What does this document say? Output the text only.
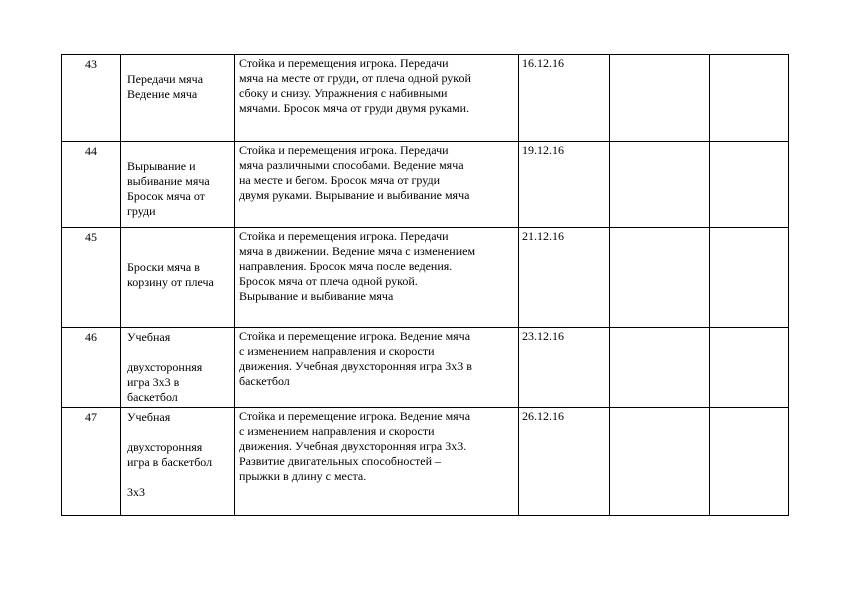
43	Передачи мяча
Ведение мяча	Стойка и перемещения игрока. Передачи
мяча на месте от груди, от плеча одной рукой
сбоку и снизу. Упражнения с набивными
мячами. Бросок мяча от груди двумя руками.	16.12.16		

44	Вырывание и
выбивание мяча
Бросок мяча от
груди	Стойка и перемещения игрока. Передачи
мяча различными способами. Ведение мяча
на месте и бегом. Бросок мяча от груди
двумя руками. Вырывание и выбивание мяча	19.12.16		

45	Броски мяча в
корзину от плеча	Стойка и перемещения игрока. Передачи
мяча в движении. Ведение мяча с изменением
направления. Бросок мяча после ведения.
Бросок мяча от плеча одной рукой.
Вырывание и выбивание мяча	21.12.16		

46	Учебная
двухсторонняя
игра 3х3 в
баскетбол	Стойка и перемещение игрока. Ведение мяча
с изменением направления и скорости
движения. Учебная двухсторонняя игра 3х3 в
баскетбол	23.12.16		

47	Учебная
двухсторонняя
игра в баскетбол
3х3	Стойка и перемещение игрока. Ведение мяча
с изменением направления и скорости
движения. Учебная двухсторонняя игра 3х3.
Развитие двигательных способностей –
прыжки в длину с места.	26.12.16		
